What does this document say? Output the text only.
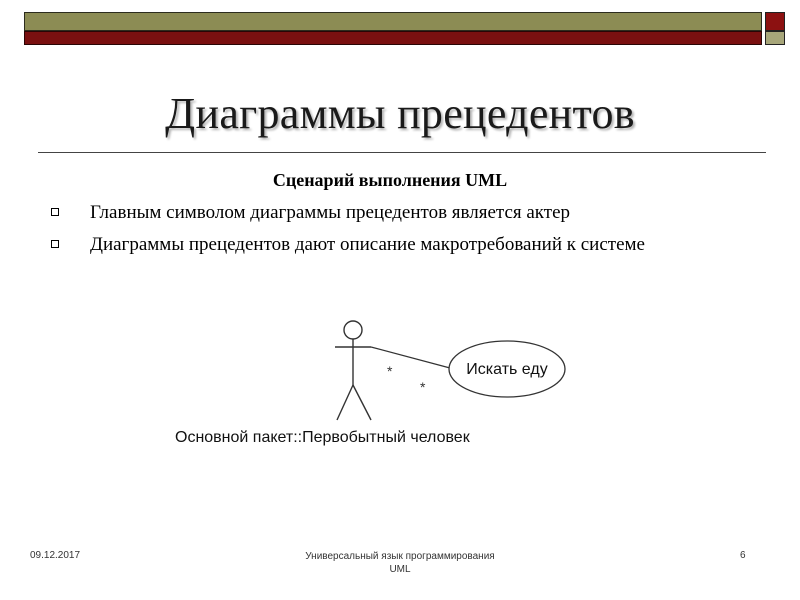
Диаграммы прецедентов
Сценарий выполнения UML
Главным символом диаграммы прецедентов является актер
Диаграммы прецедентов дают описание макротребований к системе
*
*
Искать еду
Основной пакет::Первобытный человек
09.12.2017	Универсальный язык программирования
UML
6
